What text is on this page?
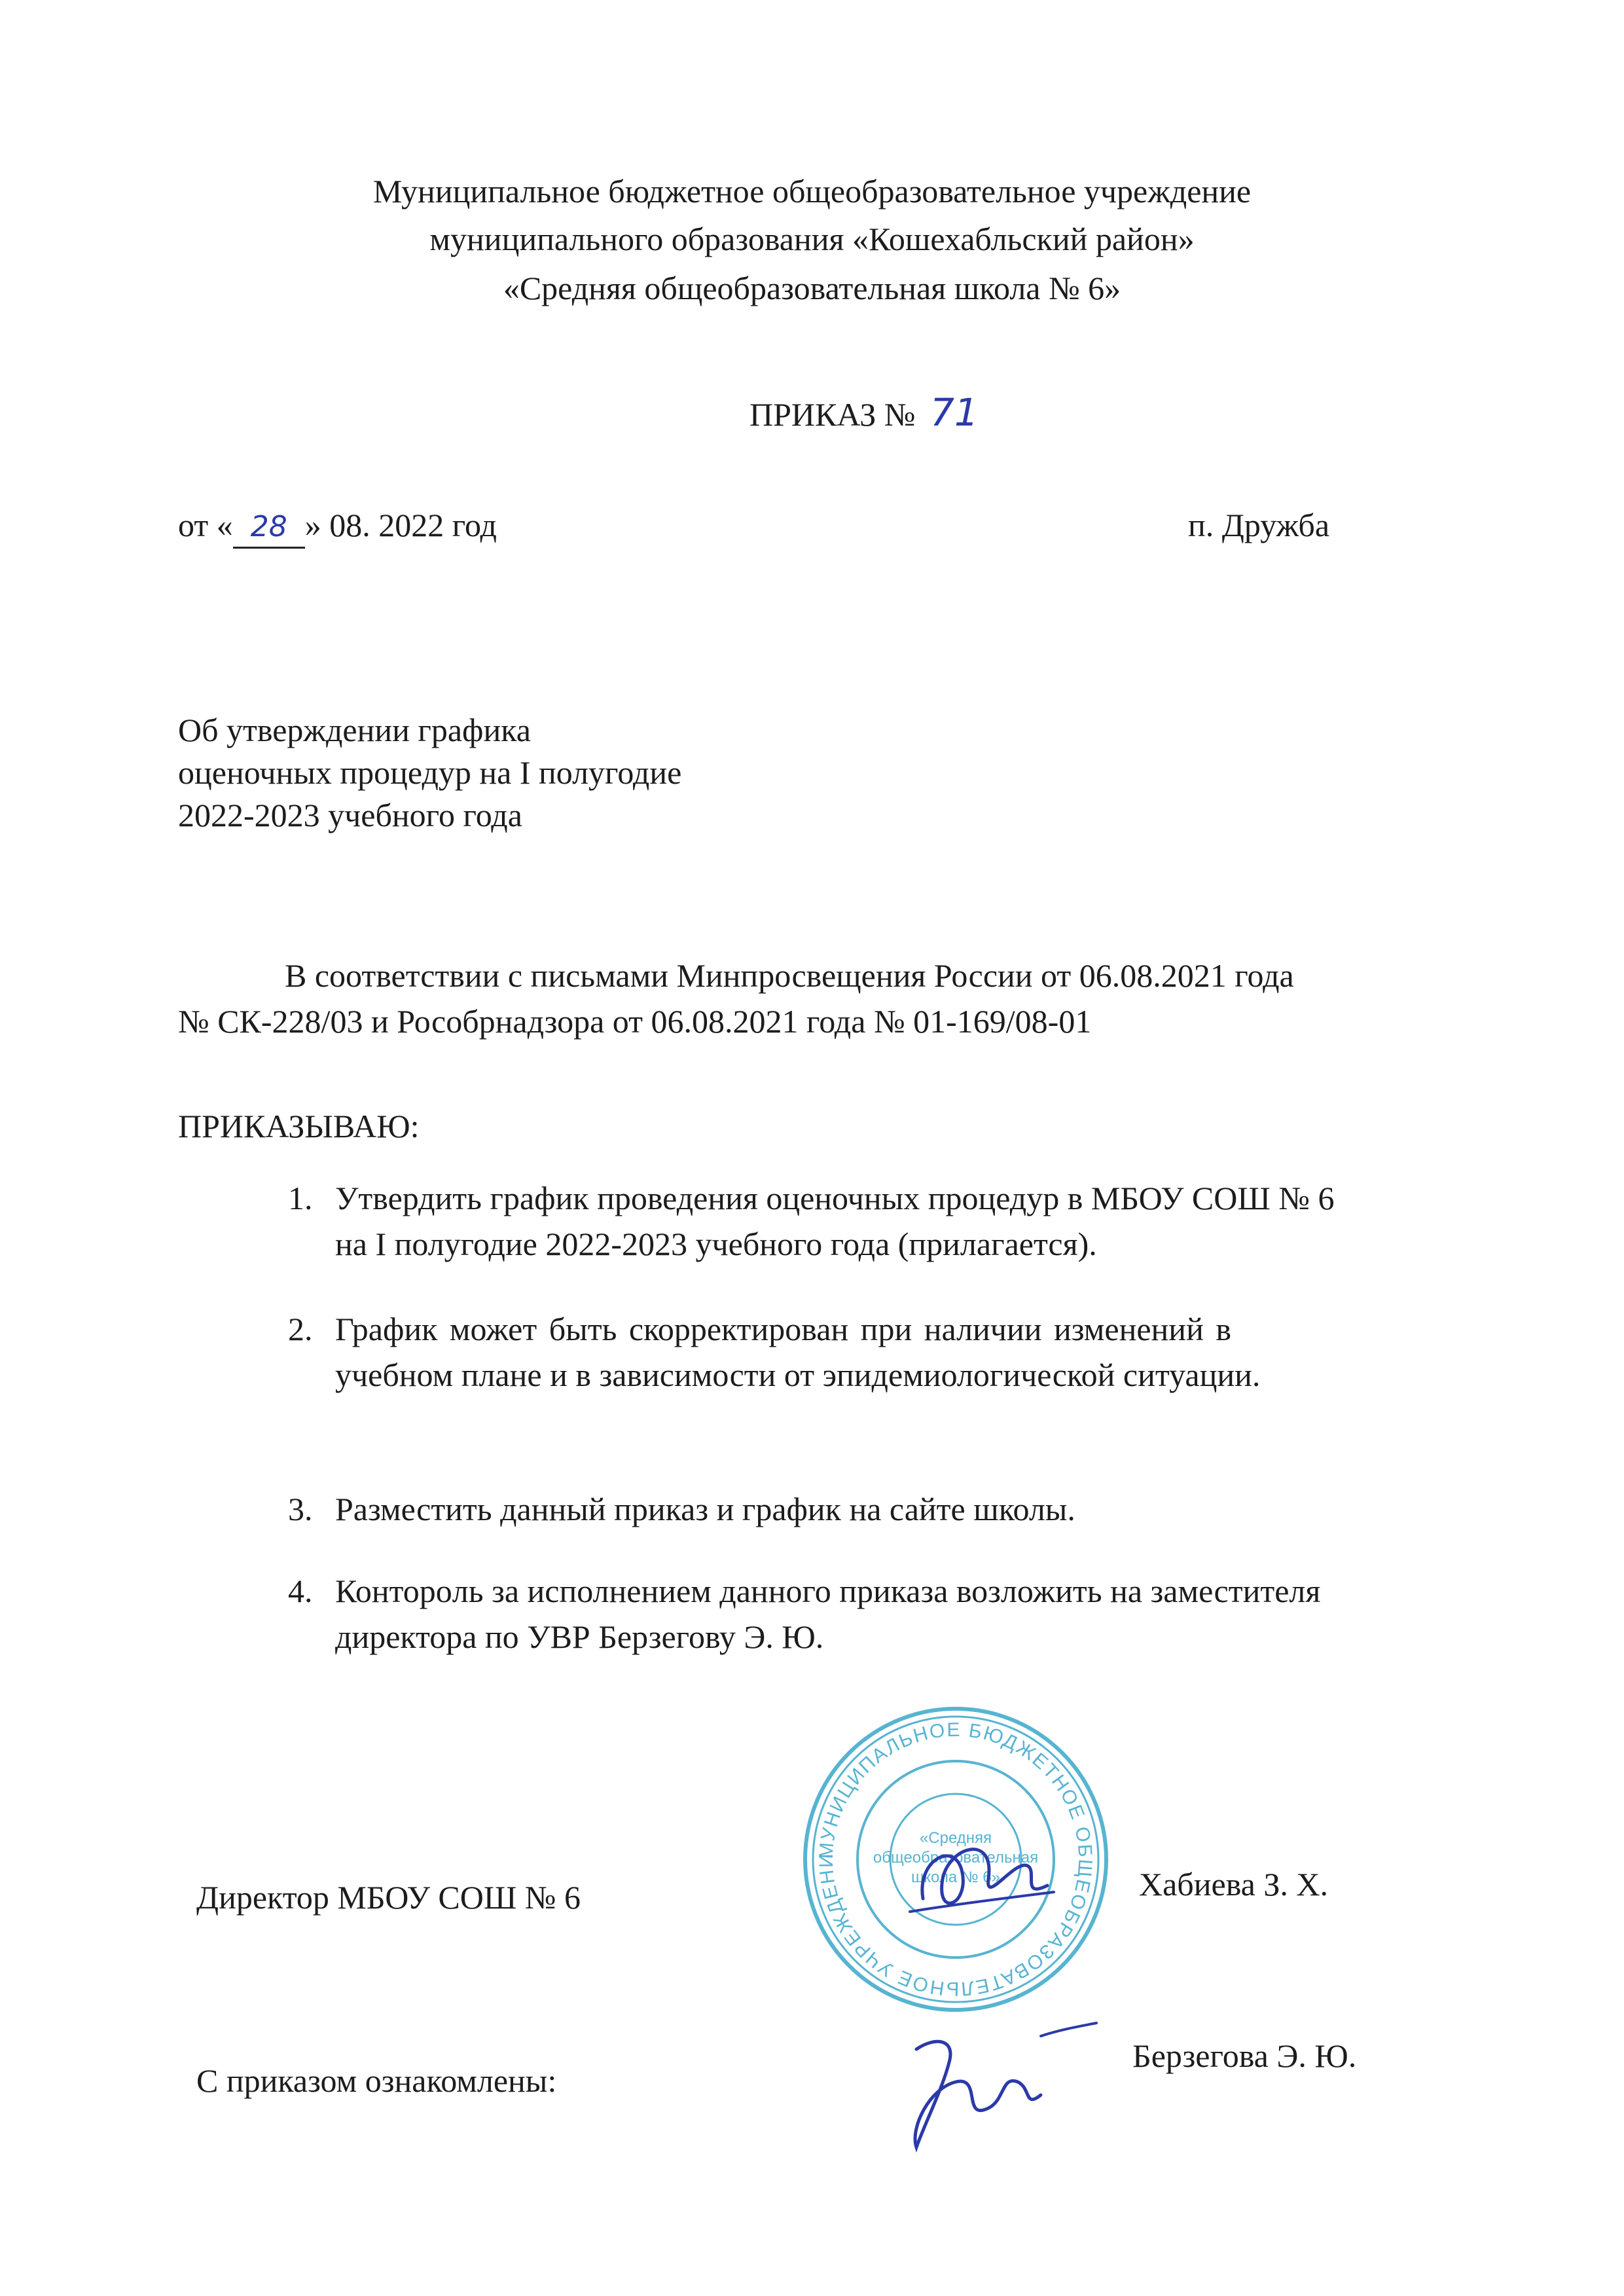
Муниципальное бюджетное общеобразовательное учреждение
муниципального образования «Кошехабльский район»
«Средняя общеобразовательная школа № 6»
ПРИКАЗ № 71
от « 28 » 08. 2022 год	п. Дружба
Об утверждении графика
оценочных процедур на I полугодие
2022-2023 учебного года
В соответствии с письмами Минпросвещения России от 06.08.2021 года
№ СК-228/03 и Рособрнадзора от 06.08.2021 года № 01-169/08-01
ПРИКАЗЫВАЮ:
1. Утвердить график проведения оценочных процедур в МБОУ СОШ № 6
на I полугодие 2022-2023 учебного года (прилагается).
2. График может быть скорректирован при наличии изменений в
учебном плане и в зависимости от эпидемиологической ситуации.
3. Разместить данный приказ и график на сайте школы.
4. Конторoль за исполнением данного приказа возложить на заместителя
директора по УВР Берзегову Э. Ю.
МУНИЦИПАЛЬНОЕ БЮДЖЕТНОЕ ОБЩЕОБРАЗОВАТЕЛЬНОЕ УЧРЕЖДЕНИЕ «КОШЕХАБЛЬСКИЙ РАЙОН»
«Средняя
общеобразовательная
школа № 6»
Директор МБОУ СОШ № 6	Хабиева З. Х.
С приказом ознакомлены:
Берзегова Э. Ю.
